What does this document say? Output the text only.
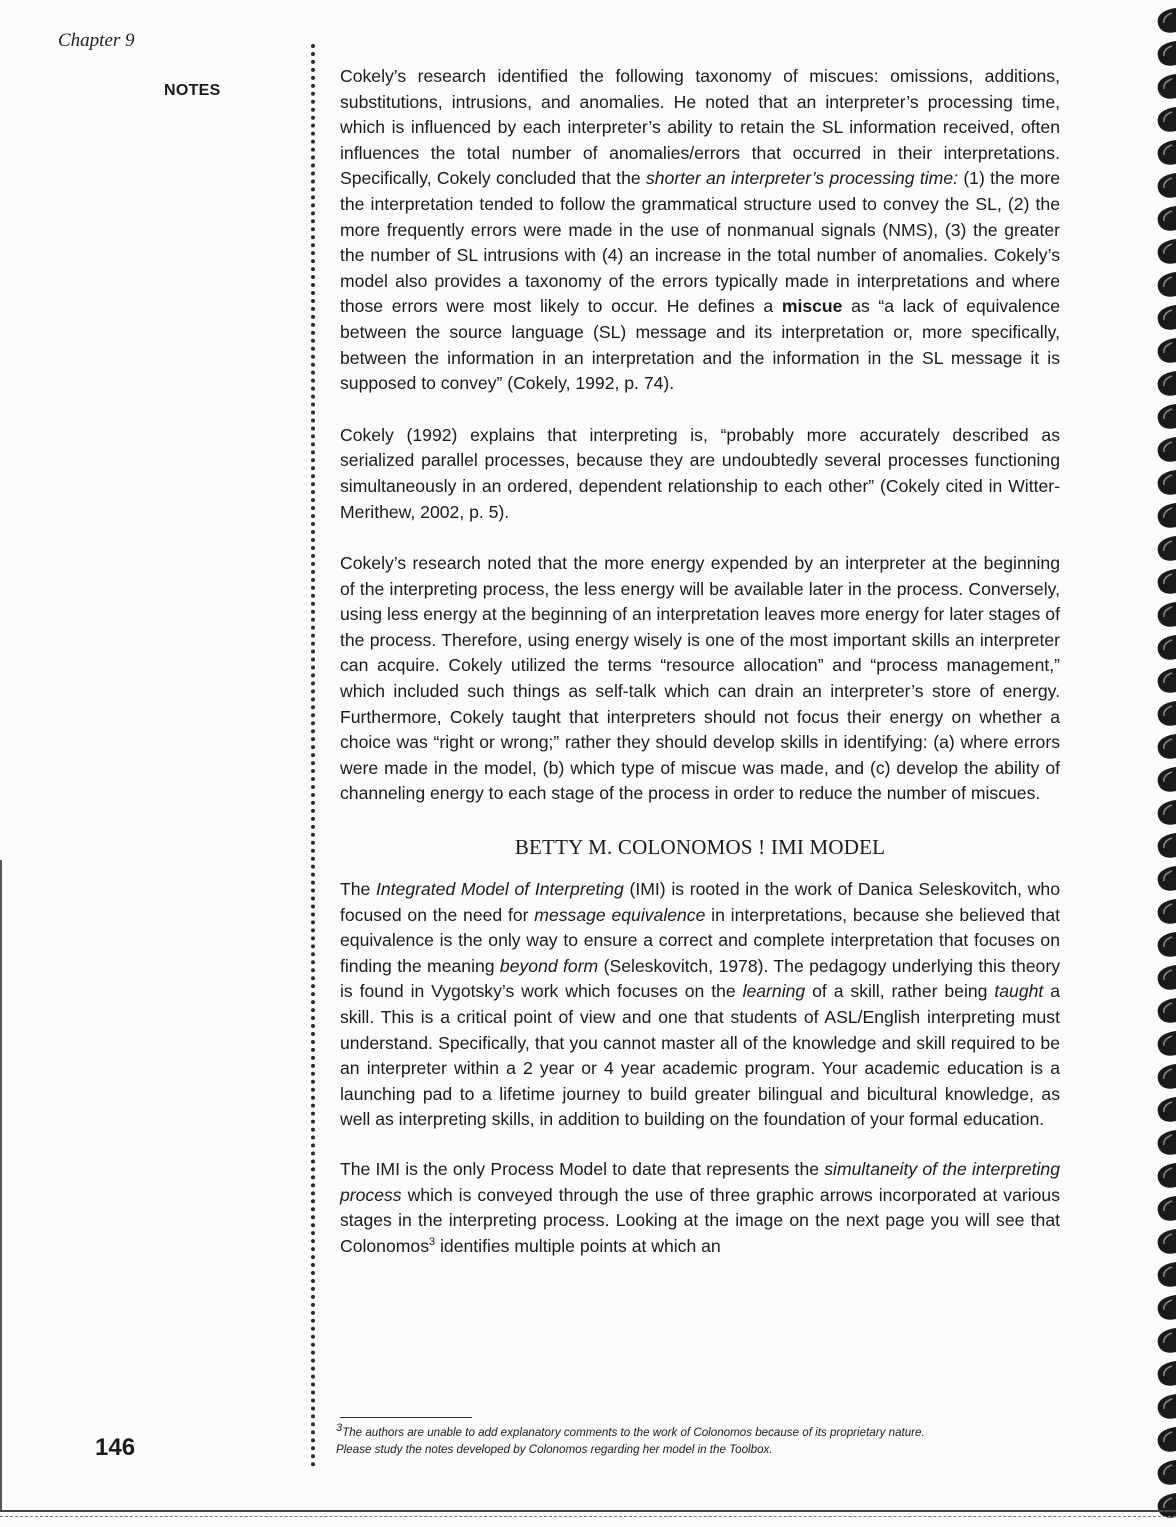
Chapter 9
NOTES

Cokely’s research identified the following taxonomy of miscues: omissions, additions, substitutions, intrusions, and anomalies. He noted that an interpreter’s processing time, which is influenced by each interpreter’s ability to retain the SL information received, often influences the total number of anomalies/errors that occurred in their interpretations. Specifically, Cokely concluded that the shorter an interpreter’s processing time: (1) the more the interpretation tended to follow the grammatical structure used to convey the SL, (2) the more frequently errors were made in the use of nonmanual signals (NMS), (3) the greater the number of SL intrusions with (4) an increase in the total number of anomalies. Cokely’s model also provides a taxonomy of the errors typically made in interpretations and where those errors were most likely to occur. He defines a miscue as “a lack of equivalence between the source language (SL) message and its interpretation or, more specifically, between the information in an interpretation and the information in the SL message it is supposed to convey” (Cokely, 1992, p. 74).

Cokely (1992) explains that interpreting is, “probably more accurately described as serialized parallel processes, because they are undoubtedly several processes functioning simultaneously in an ordered, dependent relationship to each other” (Cokely cited in Witter-Merithew, 2002, p. 5).

Cokely’s research noted that the more energy expended by an interpreter at the beginning of the interpreting process, the less energy will be available later in the process. Conversely, using less energy at the beginning of an interpretation leaves more energy for later stages of the process. Therefore, using energy wisely is one of the most important skills an interpreter can acquire. Cokely utilized the terms “resource allocation” and “process management,” which included such things as self-talk which can drain an interpreter’s store of energy. Furthermore, Cokely taught that interpreters should not focus their energy on whether a choice was “right or wrong;” rather they should develop skills in identifying: (a) where errors were made in the model, (b) which type of miscue was made, and (c) develop the ability of channeling energy to each stage of the process in order to reduce the number of miscues.

BETTY M. COLONOMOS ! IMI MODEL

The Integrated Model of Interpreting (IMI) is rooted in the work of Danica Seleskovitch, who focused on the need for message equivalence in interpretations, because she believed that equivalence is the only way to ensure a correct and complete interpretation that focuses on finding the meaning beyond form (Seleskovitch, 1978). The pedagogy underlying this theory is found in Vygotsky’s work which focuses on the learning of a skill, rather being taught a skill. This is a critical point of view and one that students of ASL/English interpreting must understand. Specifically, that you cannot master all of the knowledge and skill required to be an interpreter within a 2 year or 4 year academic program. Your academic education is a launching pad to a lifetime journey to build greater bilingual and bicultural knowledge, as well as interpreting skills, in addition to building on the foundation of your formal education.

The IMI is the only Process Model to date that represents the simultaneity of the interpreting process which is conveyed through the use of three graphic arrows incorporated at various stages in the interpreting process. Looking at the image on the next page you will see that Colonomos$^3$ identifies multiple points at which an

$^3$The authors are unable to add explanatory comments to the work of Colonomos because of its proprietary nature.
Please study the notes developed by Colonomos regarding her model in the Toolbox.
146
